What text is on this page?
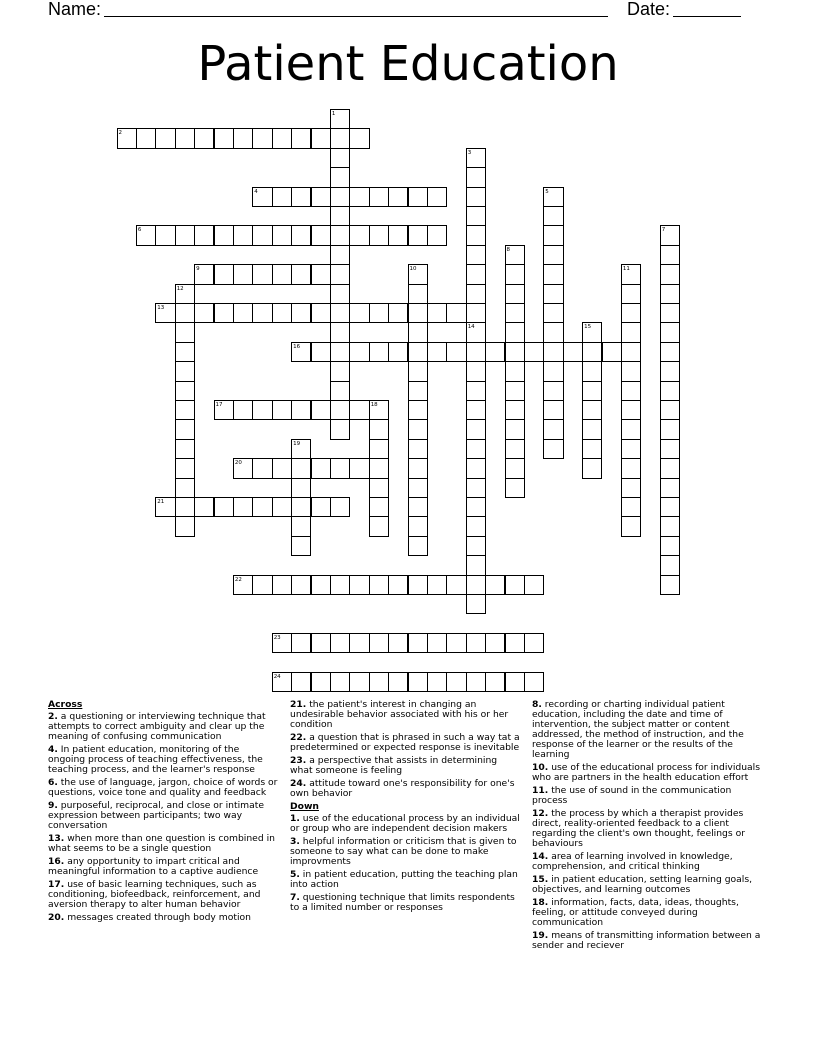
Name:	Date:
Patient Education
1
2
3
14
4	5
6	7
8
9	10	11
12
13
15
16
17	18
19
20
21
22
23
24
Across
2. a questioning or interviewing technique that attempts to correct ambiguity and clear up the meaning of confusing communication
4. In patient education, monitoring of the ongoing process of teaching effectiveness, the teaching process, and the learner's response
6. the use of language, jargon, choice of words or questions, voice tone and quality and feedback
9. purposeful, reciprocal, and close or intimate expression between participants; two way conversation
13. when more than one question is combined in what seems to be a single question
16. any opportunity to impart critical and meaningful information to a captive audience
17. use of basic learning techniques, such as conditioning, biofeedback, reinforcement, and aversion therapy to alter human behavior
20. messages created through body motion
21. the patient's interest in changing an undesirable behavior associated with his or her condition
22. a question that is phrased in such a way tat a predetermined or expected response is inevitable
23. a perspective that assists in determining what someone is feeling
24. attitude toward one's responsibility for one's own behavior
Down
1. use of the educational process by an individual or group who are independent decision makers
3. helpful information or criticism that is given to someone to say what can be done to make improvments
5. in patient education, putting the teaching plan into action
7. questioning technique that limits respondents to a limited number or responses
8. recording or charting individual patient education, including the date and time of intervention, the subject matter or content addressed, the method of instruction, and the response of the learner or the results of the learning
10. use of the educational process for individuals who are partners in the health education effort
11. the use of sound in the communication process
12. the process by which a therapist provides direct, reality-oriented feedback to a client regarding the client's own thought, feelings or behaviours
14. area of learning involved in knowledge, comprehension, and critical thinking
15. in patient education, setting learning goals, objectives, and learning outcomes
18. information, facts, data, ideas, thoughts, feeling, or attitude conveyed during communication
19. means of transmitting information between a sender and reciever
